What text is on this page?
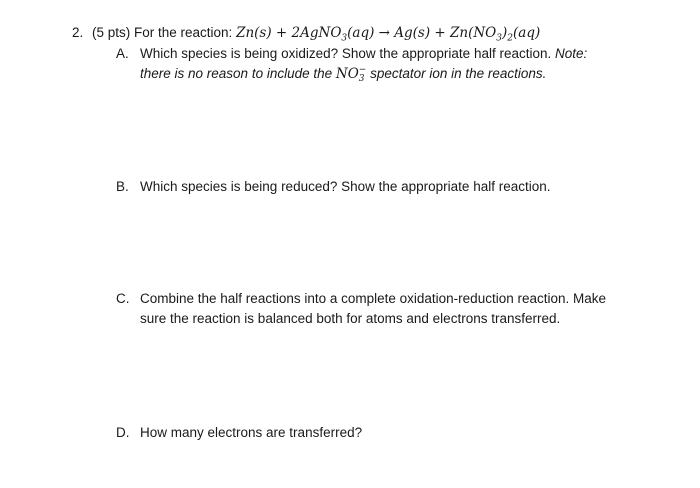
2. (5 pts) For the reaction: Zn(s) + 2AgNO$_3$(aq) → $Ag(s) + Zn(NO_3)_2(aq)$
A. Which species is being oxidized? Show the appropriate half reaction. Note:
there is no reason to include the NO −
3 spectator ion in the reactions.
B. Which species is being reduced? Show the appropriate half reaction.
C. Combine the half reactions into a complete oxidation-reduction reaction. Make
sure the reaction is balanced both for atoms and electrons transferred.
D. How many electrons are transferred?
